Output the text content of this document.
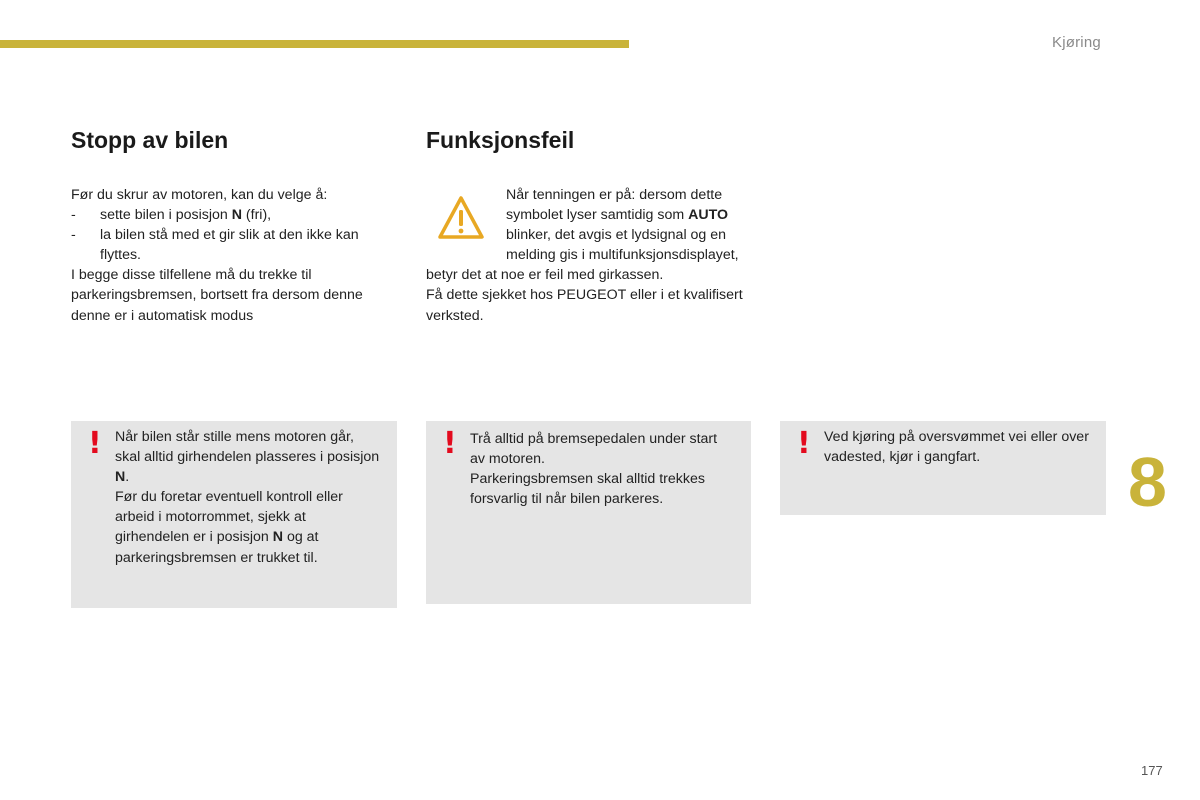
Kjøring
Stopp av bilen	Funksjonsfeil
Før du skrur av motoren, kan du velge å:
- sette bilen i posisjon N (fri),
- la bilen stå med et gir slik at den ikke kan flyttes.
I begge disse tilfellene må du trekke til parkeringsbremsen, bortsett fra dersom denne denne er i automatisk modus

Når tenningen er på: dersom dette symbolet lyser samtidig som AUTO blinker, det avgis et lydsignal og en melding gis i multifunksjonsdisplayet, betyr det at noe er feil med girkassen.

Få dette sjekket hos PEUGEOT eller i et kvalifisert verksted.

! Når bilen står stille mens motoren går, skal alltid girhendelen plasseres i posisjon N.
Før du foretar eventuell kontroll eller arbeid i motorrommet, sjekk at girhendelen er i posisjon N og at parkeringsbremsen er trukket til.
! Trå alltid på bremsepedalen under start av motoren.
Parkeringsbremsen skal alltid trekkes forsvarlig til når bilen parkeres.
! Ved kjøring på oversvømmet vei eller over vadested, kjør i gangfart.	8
177
